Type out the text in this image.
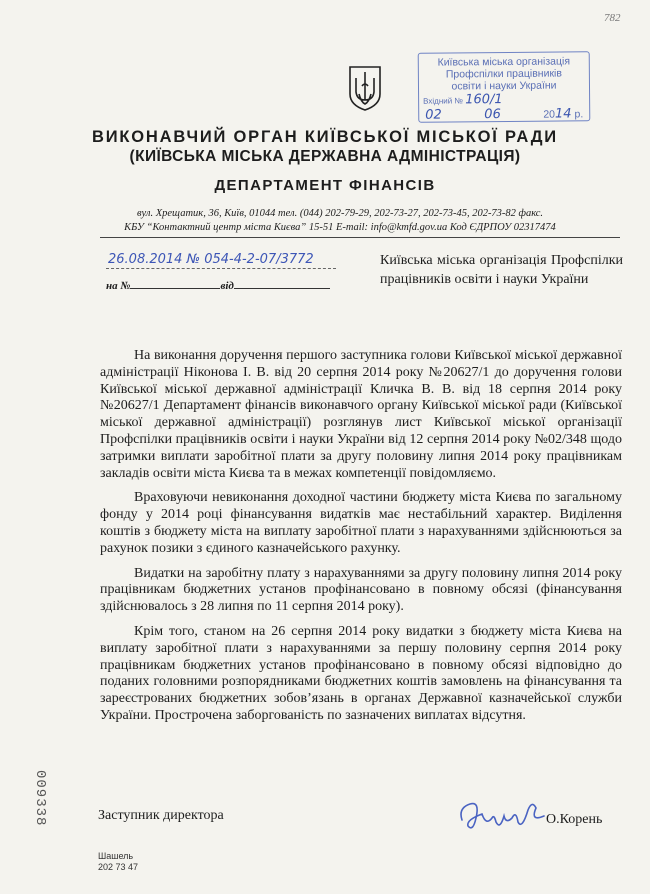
782
Київська міська організація
Профспілки працівників
освіти і науки України
Вхідний № 160/1
02	06	2014 р.
ВИКОНАВЧИЙ ОРГАН КИЇВСЬКОЇ МІСЬКОЇ РАДИ
(КИЇВСЬКА МІСЬКА ДЕРЖАВНА АДМІНІСТРАЦІЯ)
ДЕПАРТАМЕНТ ФІНАНСІВ
вул. Хрещатик, 36, Київ, 01044 тел. (044) 202-79-29, 202-73-27, 202-73-45, 202-73-82 факс.
КБУ “Контактний центр міста Києва” 15-51 E-mail: info@kmfd.gov.ua Код ЄДРПОУ 02317474
26.08.2014 № 054-4-2-07/3772
на №	від
Київська міська організація Профспілки працівників освіти і науки України

На виконання доручення першого заступника голови Київської міської державної адміністрації Ніконова І. В. від 20 серпня 2014 року №20627/1 до доручення голови Київської міської державної адміністрації Кличка В. В. від 18 серпня 2014 року №20627/1 Департамент фінансів виконавчого органу Київської міської ради (Київської міської державної адміністрації) розглянув лист Київської міської організації Профспілки працівників освіти і науки України від 12 серпня 2014 року №02/348 щодо затримки виплати заробітної плати за другу половину липня 2014 року працівникам закладів освіти міста Києва та в межах компетенції повідомляємо.

Враховуючи невиконання доходної частини бюджету міста Києва по загальному фонду у 2014 році фінансування видатків має нестабільний характер. Виділення коштів з бюджету міста на виплату заробітної плати з нарахуваннями здійснюються за рахунок позики з єдиного казначейського рахунку.

Видатки на заробітну плату з нарахуваннями за другу половину липня 2014 року працівникам бюджетних установ профінансовано в повному обсязі (фінансування здійснювалось з 28 липня по 11 серпня 2014 року).

Крім того, станом на 26 серпня 2014 року видатки з бюджету міста Києва на виплату заробітної плати з нарахуваннями за першу половину серпня 2014 року працівникам бюджетних установ профінансовано в повному обсязі відповідно до поданих головними розпорядниками бюджетних коштів замовлень на фінансування та зареєстрованих бюджетних зобов’язань в органах Державної казначейської служби України. Прострочена заборгованість по зазначених виплатах відсутня.

Заступник директора	О.Корень
009338
Шашель
202 73 47
